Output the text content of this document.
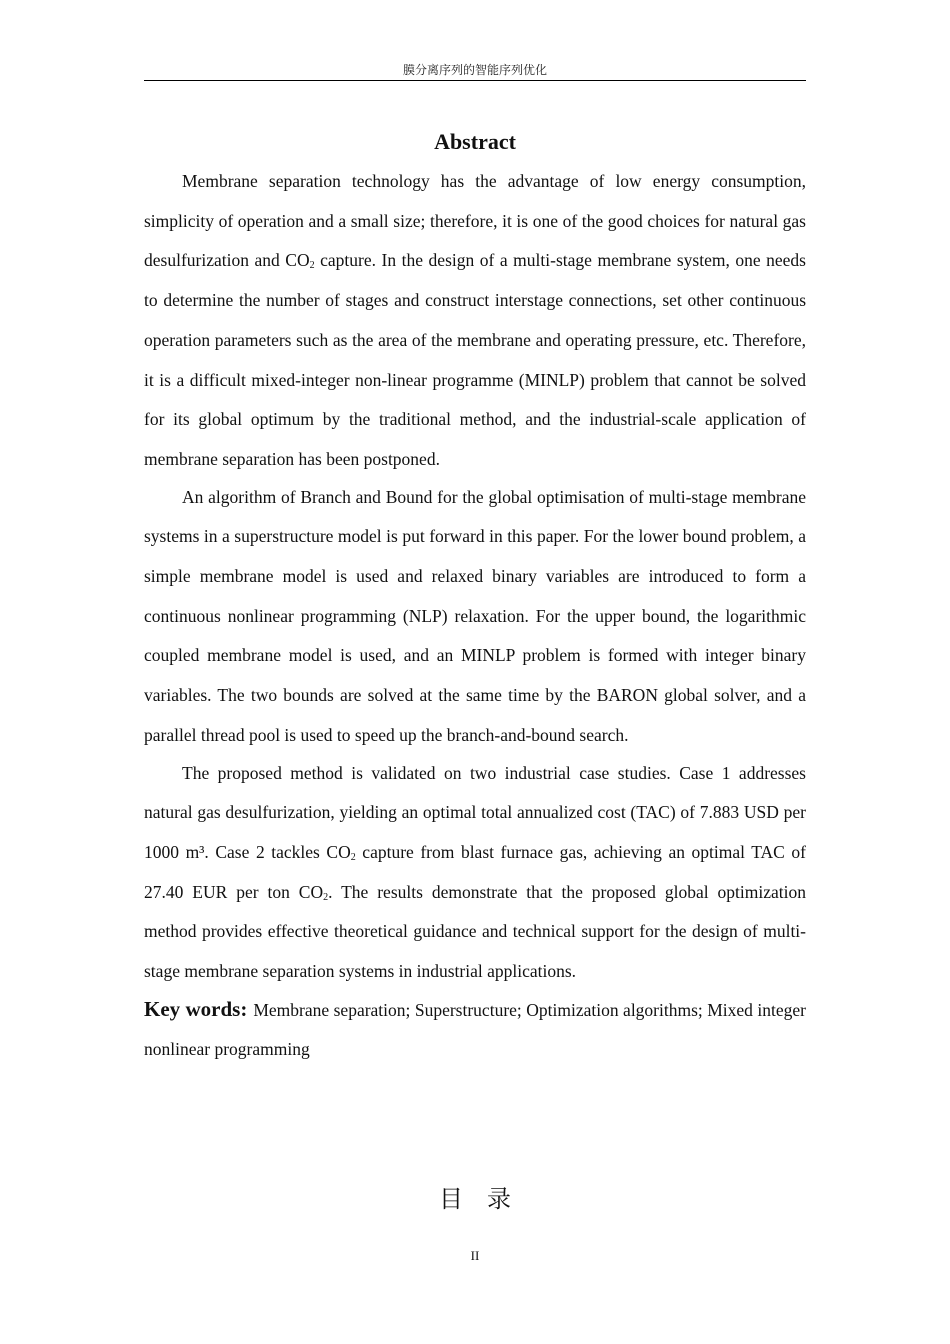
膜分离序列的智能序列优化
Abstract

Membrane separation technology has the advantage of low energy consumption, simplicity of operation and a small size; therefore, it is one of the good choices for natural gas desulfurization and $CO_2$ capture. In the design of a multi-stage membrane system, one needs to determine the number of stages and construct interstage connections, set other continuous operation parameters such as the area of the membrane and operating pressure, etc. Therefore, it is a difficult mixed-integer non-linear programme (MINLP) problem that cannot be solved for its global optimum by the traditional method, and the industrial-scale application of membrane separation has been postponed.

An algorithm of Branch and Bound for the global optimisation of multi-stage membrane systems in a superstructure model is put forward in this paper. For the lower bound problem, a simple membrane model is used and relaxed binary variables are introduced to form a continuous nonlinear programming (NLP) relaxation. For the upper bound, the logarithmic coupled membrane model is used, and an MINLP problem is formed with integer binary variables. The two bounds are solved at the same time by the BARON global solver, and a parallel thread pool is used to speed up the branch-and-bound search.

The proposed method is validated on two industrial case studies. Case 1 addresses natural gas desulfurization, yielding an optimal total annualized cost (TAC) of 7.883 USD per 1000 m³. Case 2 tackles $CO_2$ capture from blast furnace gas, achieving an optimal TAC of 27.40 EUR per ton $CO_2$. The results demonstrate that the proposed global optimization method provides effective theoretical guidance and technical support for the design of multi-stage membrane separation systems in industrial applications.

Key words: Membrane separation; Superstructure; Optimization algorithms; Mixed integer nonlinear programming

目　录
II
